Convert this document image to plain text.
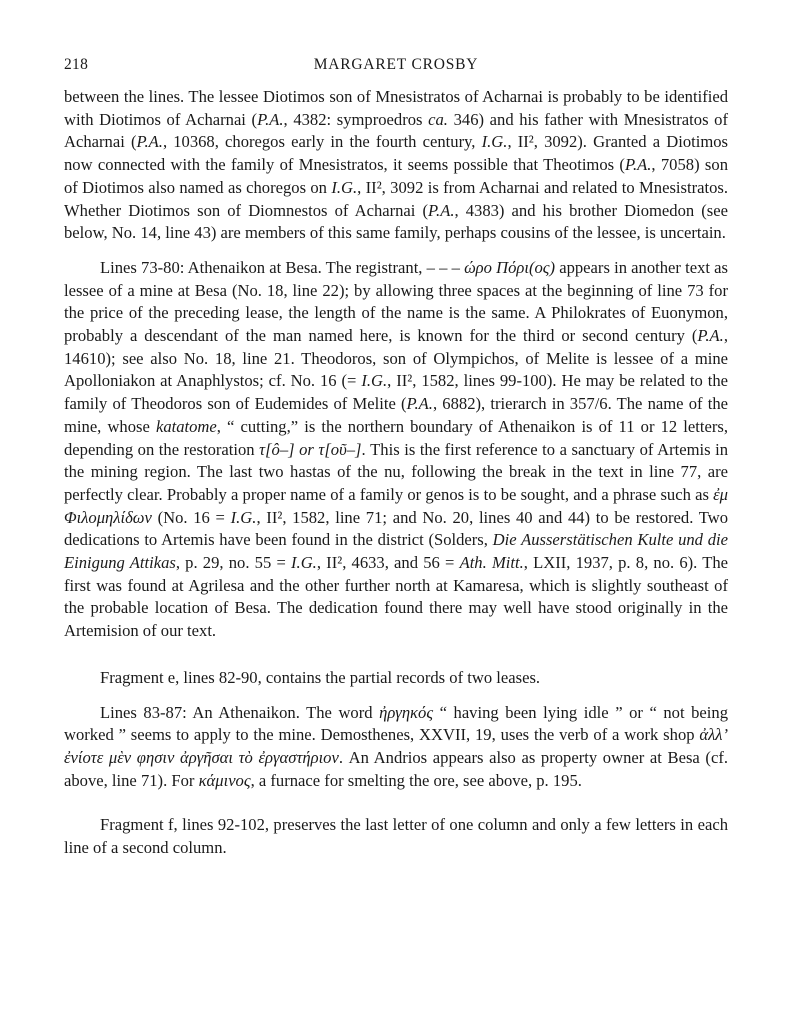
218	MARGARET CROSBY

between the lines. The lessee Diotimos son of Mnesistratos of Acharnai is probably to be identified with Diotimos of Acharnai (P.A., 4382: symproedros ca. 346) and his father with Mnesistratos of Acharnai (P.A., 10368, choregos early in the fourth century, I.G., II², 3092). Granted a Diotimos now connected with the family of Mnesistratos, it seems possible that Theotimos (P.A., 7058) son of Diotimos also named as choregos on I.G., II², 3092 is from Acharnai and related to Mnesistratos. Whether Diotimos son of Diomnestos of Acharnai (P.A., 4383) and his brother Diomedon (see below, No. 14, line 43) are members of this same family, perhaps cousins of the lessee, is uncertain.

Lines 73-80: Athenaikon at Besa. The registrant, – – – ώρο Πόρι(ος) appears in another text as lessee of a mine at Besa (No. 18, line 22); by allowing three spaces at the beginning of line 73 for the price of the preceding lease, the length of the name is the same. A Philokrates of Euonymon, probably a descendant of the man named here, is known for the third or second century (P.A., 14610); see also No. 18, line 21. Theodoros, son of Olympichos, of Melite is lessee of a mine Apolloniakon at Anaphlystos; cf. No. 16 (= I.G., II², 1582, lines 99-100). He may be related to the family of Theodoros son of Eudemides of Melite (P.A., 6882), trierarch in 357/6. The name of the mine, whose katatome, “ cutting,” is the northern boundary of Athenaikon is of 11 or 12 letters, depending on the restoration τ[ô–] or τ[οῦ–]. This is the first reference to a sanctuary of Artemis in the mining region. The last two hastas of the nu, following the break in the text in line 77, are perfectly clear. Probably a proper name of a family or genos is to be sought, and a phrase such as ἐμ Φιλομηλίδων (No. 16 = I.G., II², 1582, line 71; and No. 20, lines 40 and 44) to be restored. Two dedications to Artemis have been found in the district (Solders, Die Ausserstätischen Kulte und die Einigung Attikas, p. 29, no. 55 = I.G., II², 4633, and 56 = Ath. Mitt., LXII, 1937, p. 8, no. 6). The first was found at Agrilesa and the other further north at Kamaresa, which is slightly southeast of the probable location of Besa. The dedication found there may well have stood originally in the Artemision of our text.

Fragment e, lines 82-90, contains the partial records of two leases.

Lines 83-87: An Athenaikon. The word ἠργηκός “ having been lying idle ” or “ not being worked ” seems to apply to the mine. Demosthenes, XXVII, 19, uses the verb of a work shop ἀλλ’ ἐνίοτε μὲν φησιν ἀργῆσαι τὸ ἐργαστήριον. An Andrios appears also as property owner at Besa (cf. above, line 71). For κάμινος, a furnace for smelting the ore, see above, p. 195.

Fragment f, lines 92-102, preserves the last letter of one column and only a few letters in each line of a second column.
